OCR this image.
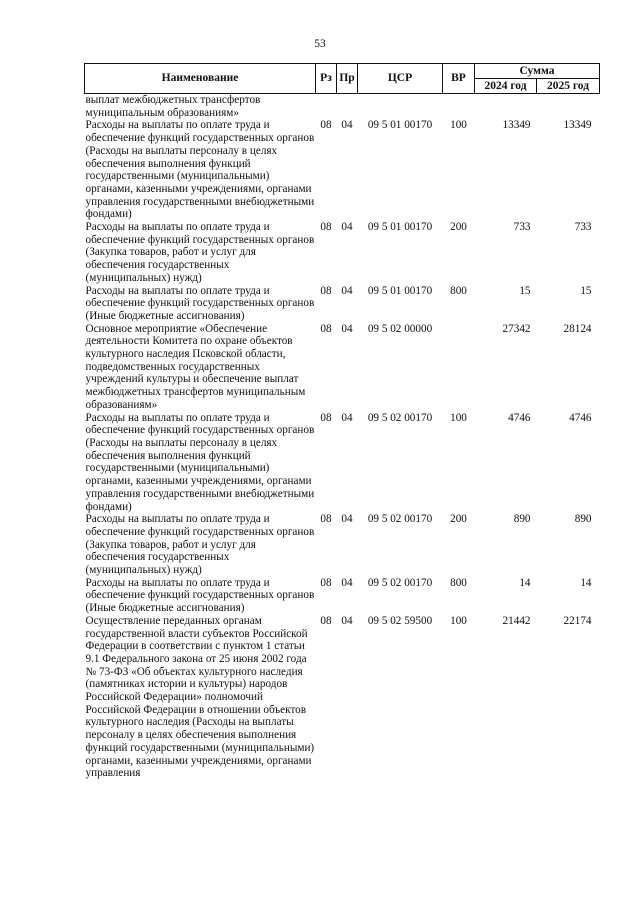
53
Наименование	Рз	Пр	ЦСР	ВР	Сумма	
					2024 год	2025 год
выплат межбюджетных трансфертов муниципальным образованиям»						
Расходы на выплаты по оплате труда и обеспечение функций государственных органов (Расходы на выплаты персоналу в целях обеспечения выполнения функций государственными (муниципальными) органами, казенными учреждениями, органами управления государственными внебюджетными фондами)	08	04	09 5 01 00170	100	13349	13349
Расходы на выплаты по оплате труда и обеспечение функций государственных органов (Закупка товаров, работ и услуг для обеспечения государственных (муниципальных) нужд)	08	04	09 5 01 00170	200	733	733
Расходы на выплаты по оплате труда и обеспечение функций государственных органов (Иные бюджетные ассигнования)	08	04	09 5 01 00170	800	15	15
Основное мероприятие «Обеспечение деятельности Комитета по охране объектов культурного наследия Псковской области, подведомственных государственных учреждений культуры и обеспечение выплат межбюджетных трансфертов муниципальным образованиям»	08	04	09 5 02 00000		27342	28124
Расходы на выплаты по оплате труда и обеспечение функций государственных органов (Расходы на выплаты персоналу в целях обеспечения выполнения функций государственными (муниципальными) органами, казенными учреждениями, органами управления государственными внебюджетными фондами)	08	04	09 5 02 00170	100	4746	4746
Расходы на выплаты по оплате труда и обеспечение функций государственных органов (Закупка товаров, работ и услуг для обеспечения государственных (муниципальных) нужд)	08	04	09 5 02 00170	200	890	890
Расходы на выплаты по оплате труда и обеспечение функций государственных органов (Иные бюджетные ассигнования)	08	04	09 5 02 00170	800	14	14
Осуществление переданных органам государственной власти субъектов Российской Федерации в соответствии с пунктом 1 статьи 9.1 Федерального закона от 25 июня 2002 года № 73-ФЗ «Об объектах культурного наследия (памятниках истории и культуры) народов Российской Федерации» полномочий Российской Федерации в отношении объектов культурного наследия (Расходы на выплаты персоналу в целях обеспечения выполнения функций государственными (муниципальными) органами, казенными учреждениями, органами управления	08	04	09 5 02 59500	100	21442	22174
